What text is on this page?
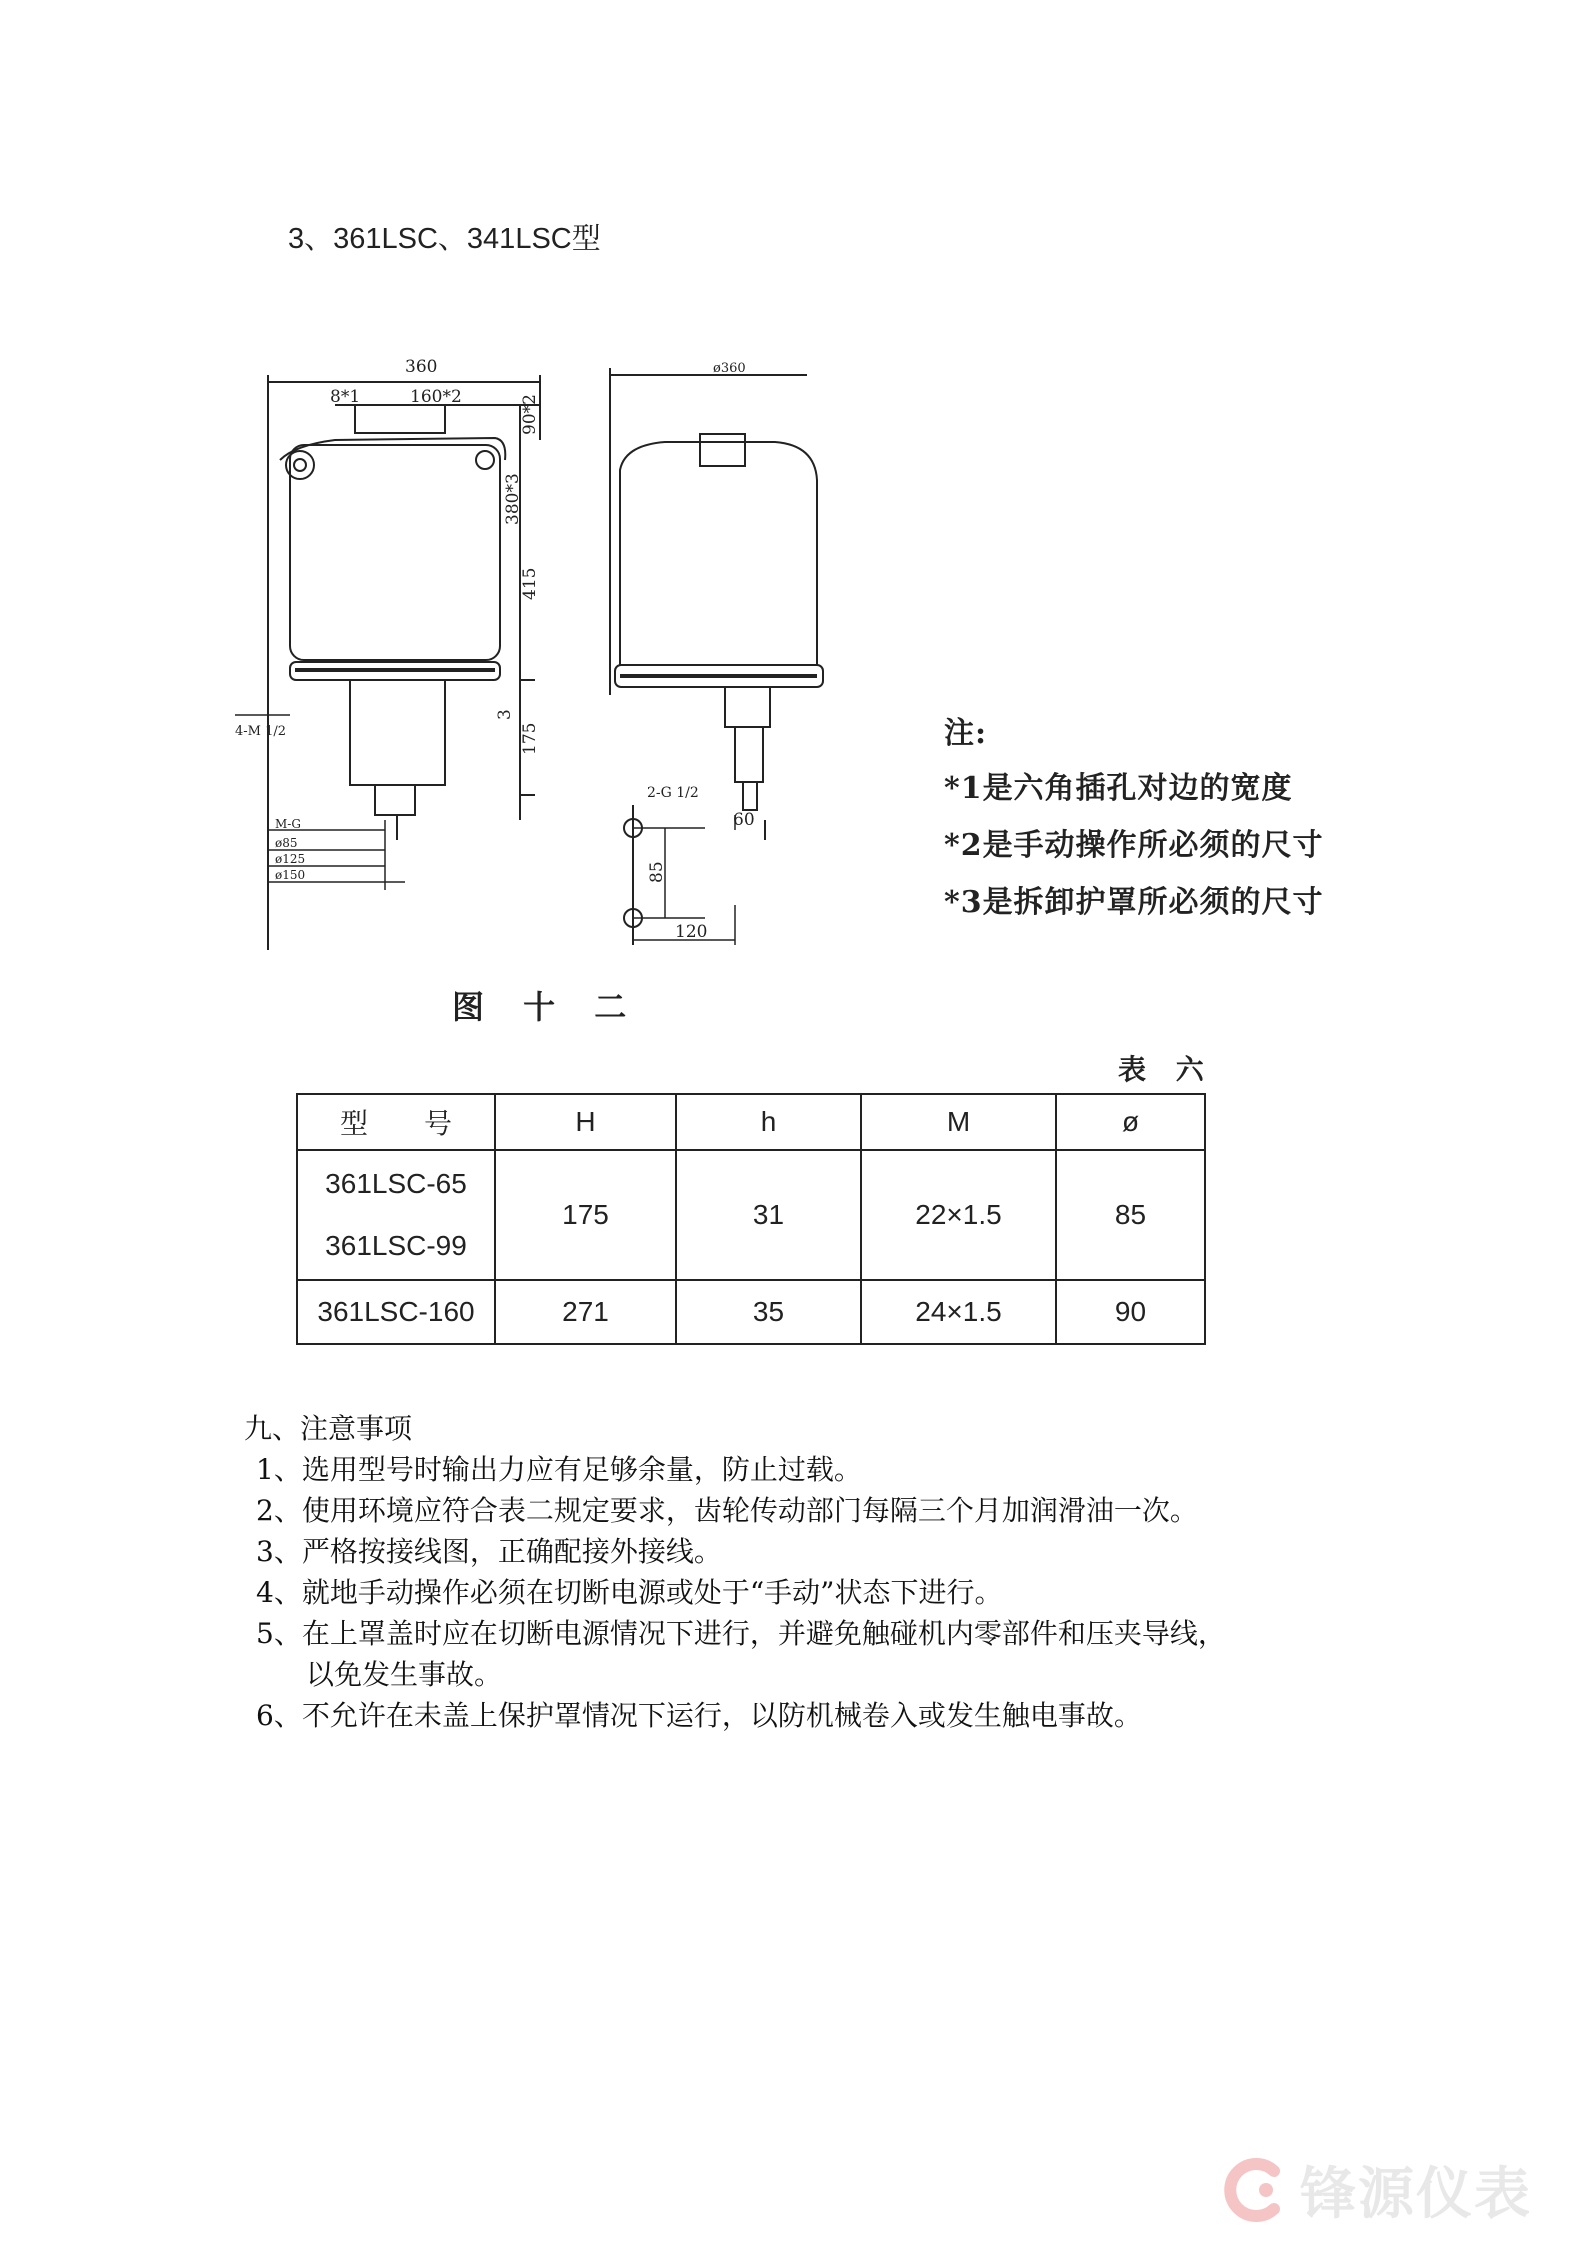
3、361LSC、341LSC型
360
8*1	160*2	90*2
380*3
415
3
175
4-M 1/2
M-G
ø85
ø125
ø150
ø360
2-G 1/2
60
85
120
注:
*1是六角插孔对边的宽度
*2是手动操作所必须的尺寸
*3是拆卸护罩所必须的尺寸
图 十 二
表 六
型　　号	H	h	M	ø

361LSC-65
361LSC-99	175	31	22×1.5	85
361LSC-160	271	35	24×1.5	90
九、注意事项
1、选用型号时输出力应有足够余量，防止过载。
2、使用环境应符合表二规定要求，齿轮传动部门每隔三个月加润滑油一次。
3、严格按接线图，正确配接外接线。
4、就地手动操作必须在切断电源或处于“手动”状态下进行。
5、在上罩盖时应在切断电源情况下进行，并避免触碰机内零部件和压夹导线，
以免发生事故。
6、不允许在未盖上保护罩情况下运行，以防机械卷入或发生触电事故。
锋源仪表
